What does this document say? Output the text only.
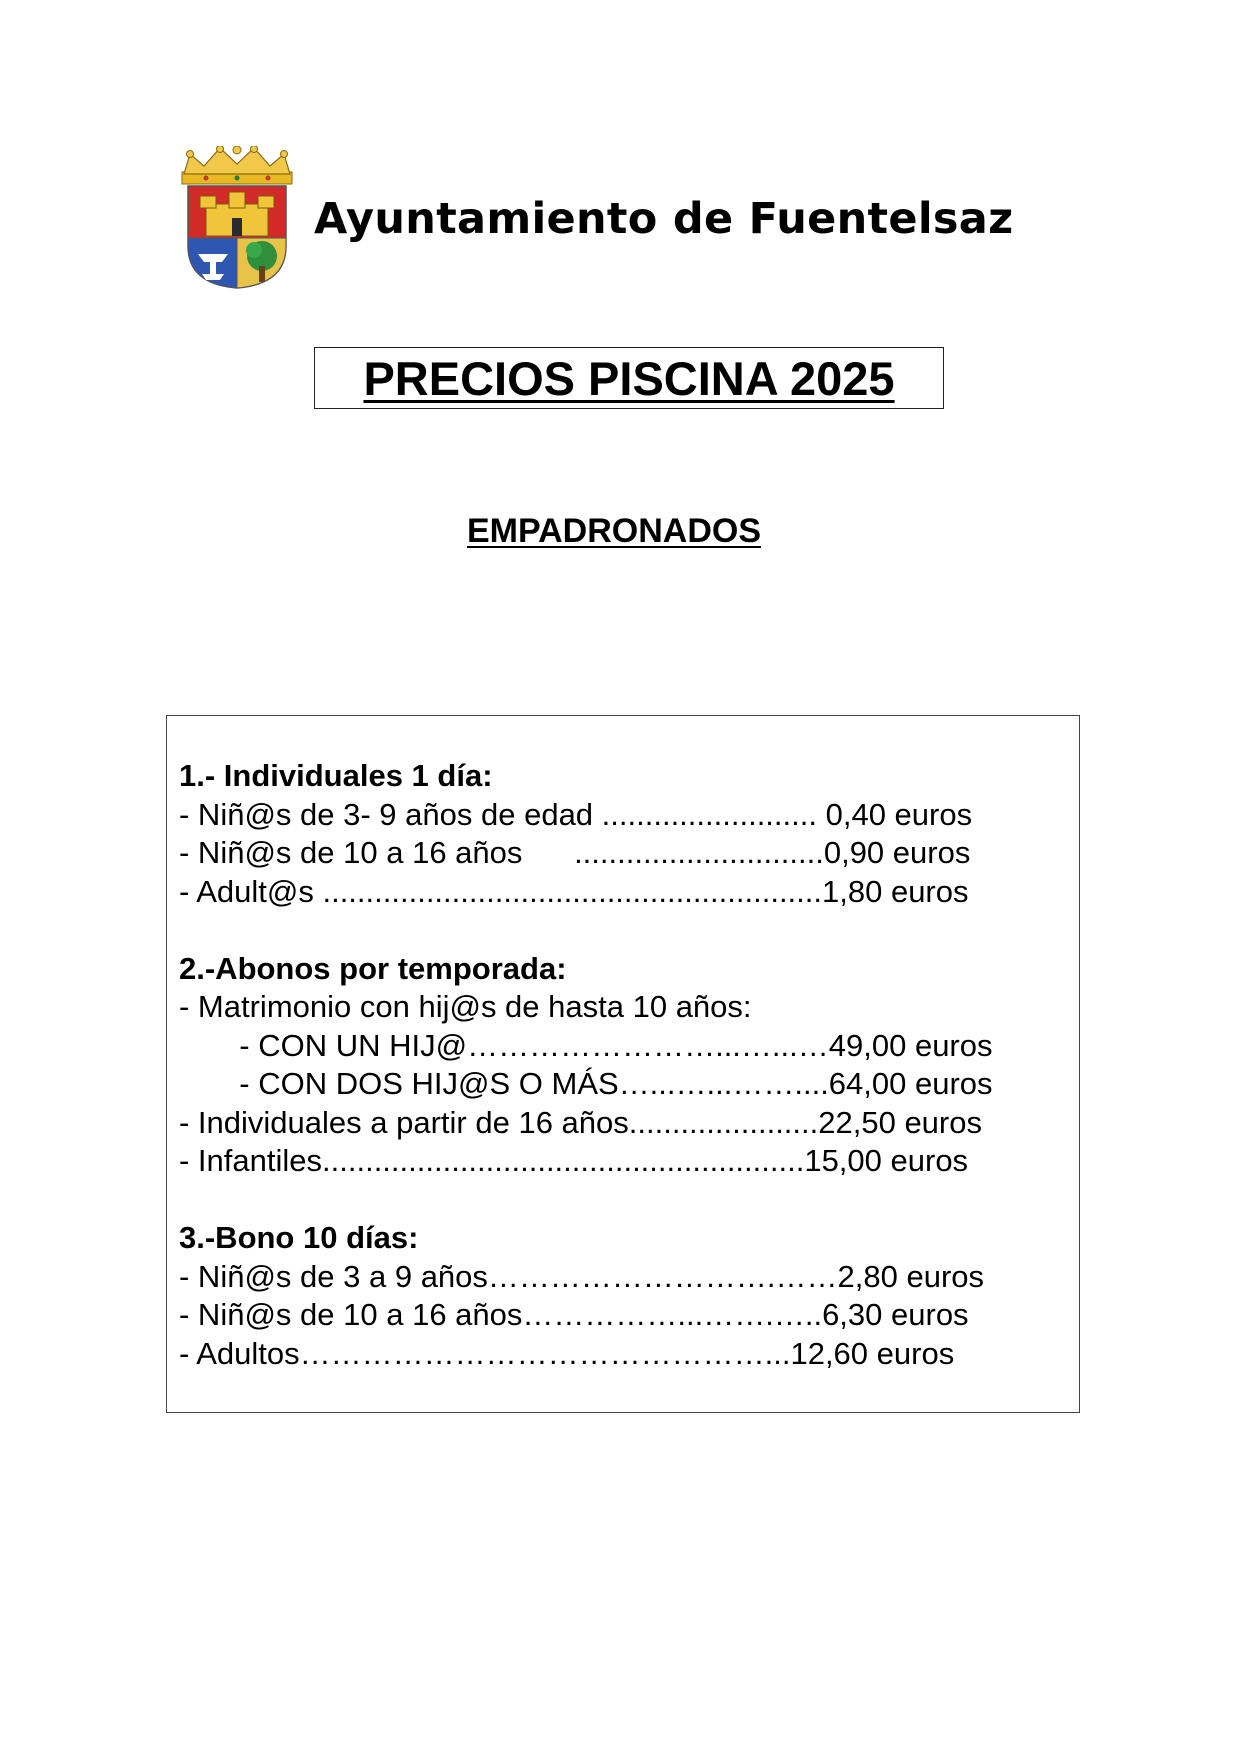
Ayuntamiento de Fuentelsaz
PRECIOS PISCINA 2025
EMPADRONADOS
1.- Individuales 1 día:
- Niñ@s de 3- 9 años de edad ......................... 0,40 euros
- Niñ@s de 10 a 16 años      .............................0,90 euros
- Adult@s ..........................................................1,80 euros
2.-Abonos por temporada:
- Matrimonio con hij@s de hasta 10 años:
- CON UN HIJ@……………………...…...…49,00 euros
- CON DOS HIJ@S O MÁS…...…...……....64,00 euros
- Individuales a partir de 16 años......................22,50 euros
- Infantiles........................................................15,00 euros
3.-Bono 10 días:
- Niñ@s de 3 a 9 años……………………….……2,80 euros
- Niñ@s de 10 a 16 años……………...…….…..6,30 euros
- Adultos………………………………………...12,60 euros
